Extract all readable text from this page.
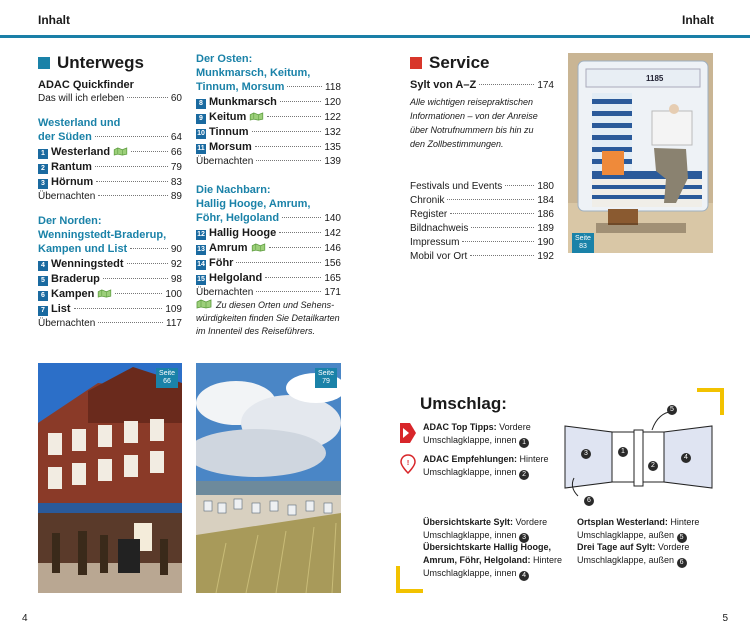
Inhalt	Inhalt
Unterwegs	Service
ADAC Quickfinder
Das will ich erleben	60
Westerland und
der Süden	64
1 Westerland	66
2 Rantum	79
3 Hörnum	83
Übernachten	89
Der Norden:
Wenningstedt-Braderup,
Kampen und List	90
4 Wenningstedt	92
5 Braderup	98
6 Kampen	100
7 List	109
Übernachten	117
Der Osten:
Munkmarsch, Keitum,
Tinnum, Morsum	118
8 Munkmarsch	120
9 Keitum	122
10 Tinnum	132
11 Morsum	135
Übernachten	139
Die Nachbarn:
Hallig Hooge, Amrum,
Föhr, Helgoland	140
12 Hallig Hooge	142
13 Amrum	146
14 Föhr	156
15 Helgoland	165
Übernachten	171
Zu diesen Orten und Sehens-
würdigkeiten finden Sie Detailkarten
im Innenteil des Reiseführers.
Sylt von A–Z	174
Alle wichtigen reisepraktischen
Informationen – von der Anreise
über Notrufnummern bis hin zu
den Zollbestimmungen.
Festivals und Events	180
Chronik	184
Register	186
Bildnachweis	189
Impressum	190
Mobil vor Ort	192
1185
Seite
83
Seite
66
Seite
79
Umschlag:
ADAC Top Tipps: Vordere
Umschlagklappe, innen 1
! ADAC Empfehlungen: Hintere
Umschlagklappe, innen 2
3	1
2
4
5
6
Übersichtskarte Sylt: Vordere
Umschlagklappe, innen 3
Übersichtskarte Hallig Hooge,
Amrum, Föhr, Helgoland: Hintere
Umschlagklappe, innen 4
Ortsplan Westerland: Hintere
Umschlagklappe, außen 5
Drei Tage auf Sylt: Vordere
Umschlagklappe, außen 6
4	5
